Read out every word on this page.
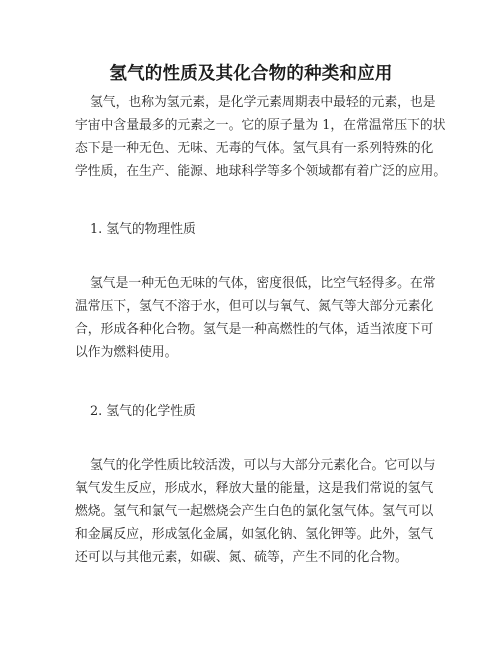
氢气的性质及其化合物的种类和应用
氢气，也称为氢元素，是化学元素周期表中最轻的元素，也是
宇宙中含量最多的元素之一。它的原子量为 1，在常温常压下的状
态下是一种无色、无味、无毒的气体。氢气具有一系列特殊的化
学性质，在生产、能源、地球科学等多个领域都有着广泛的应用。
1. 氢气的物理性质
氢气是一种无色无味的气体，密度很低，比空气轻得多。在常
温常压下，氢气不溶于水，但可以与氧气、氮气等大部分元素化
合，形成各种化合物。氢气是一种高燃性的气体，适当浓度下可
以作为燃料使用。
2. 氢气的化学性质
氢气的化学性质比较活泼，可以与大部分元素化合。它可以与
氧气发生反应，形成水，释放大量的能量，这是我们常说的氢气
燃烧。氢气和氯气一起燃烧会产生白色的氯化氢气体。氢气可以
和金属反应，形成氢化金属，如氢化钠、氢化钾等。此外，氢气
还可以与其他元素，如碳、氮、硫等，产生不同的化合物。
